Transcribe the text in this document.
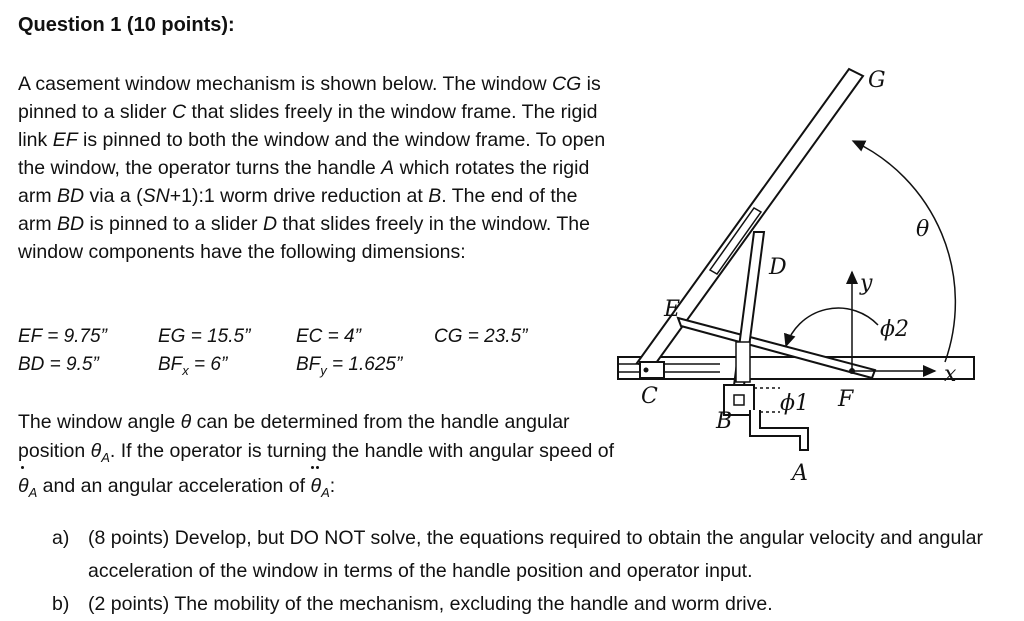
Question 1 (10 points):
A casement window mechanism is shown below. The window CG is pinned to a slider C that slides freely in the window frame. The rigid link EF is pinned to both the window and the window frame. To open the window, the operator turns the handle A which rotates the rigid arm BD via a (SN+1):1 worm drive reduction at B. The end of the arm BD is pinned to a slider D that slides freely in the window. The window components have the following dimensions:
EF = 9.75”	EG = 15.5” EC = 4”	CG = 23.5”
BD = 9.5”	$BF_x = 6$”	$BF_y = 1.625$”
The window angle θ can be determined from the handle angular position $\theta_A$. If the operator is turning the handle with angular speed of $\theta_A$ and an angular acceleration of $\theta_A$:
a) (8 points) Develop, but DO NOT solve, the equations required to obtain the angular velocity and angular acceleration of the window in terms of the handle position and operator input.
b) (2 points) The mobility of the mechanism, excluding the handle and worm drive.
G
θ
D
y
E
ϕ2
x
C
B
ϕ1 F
A
